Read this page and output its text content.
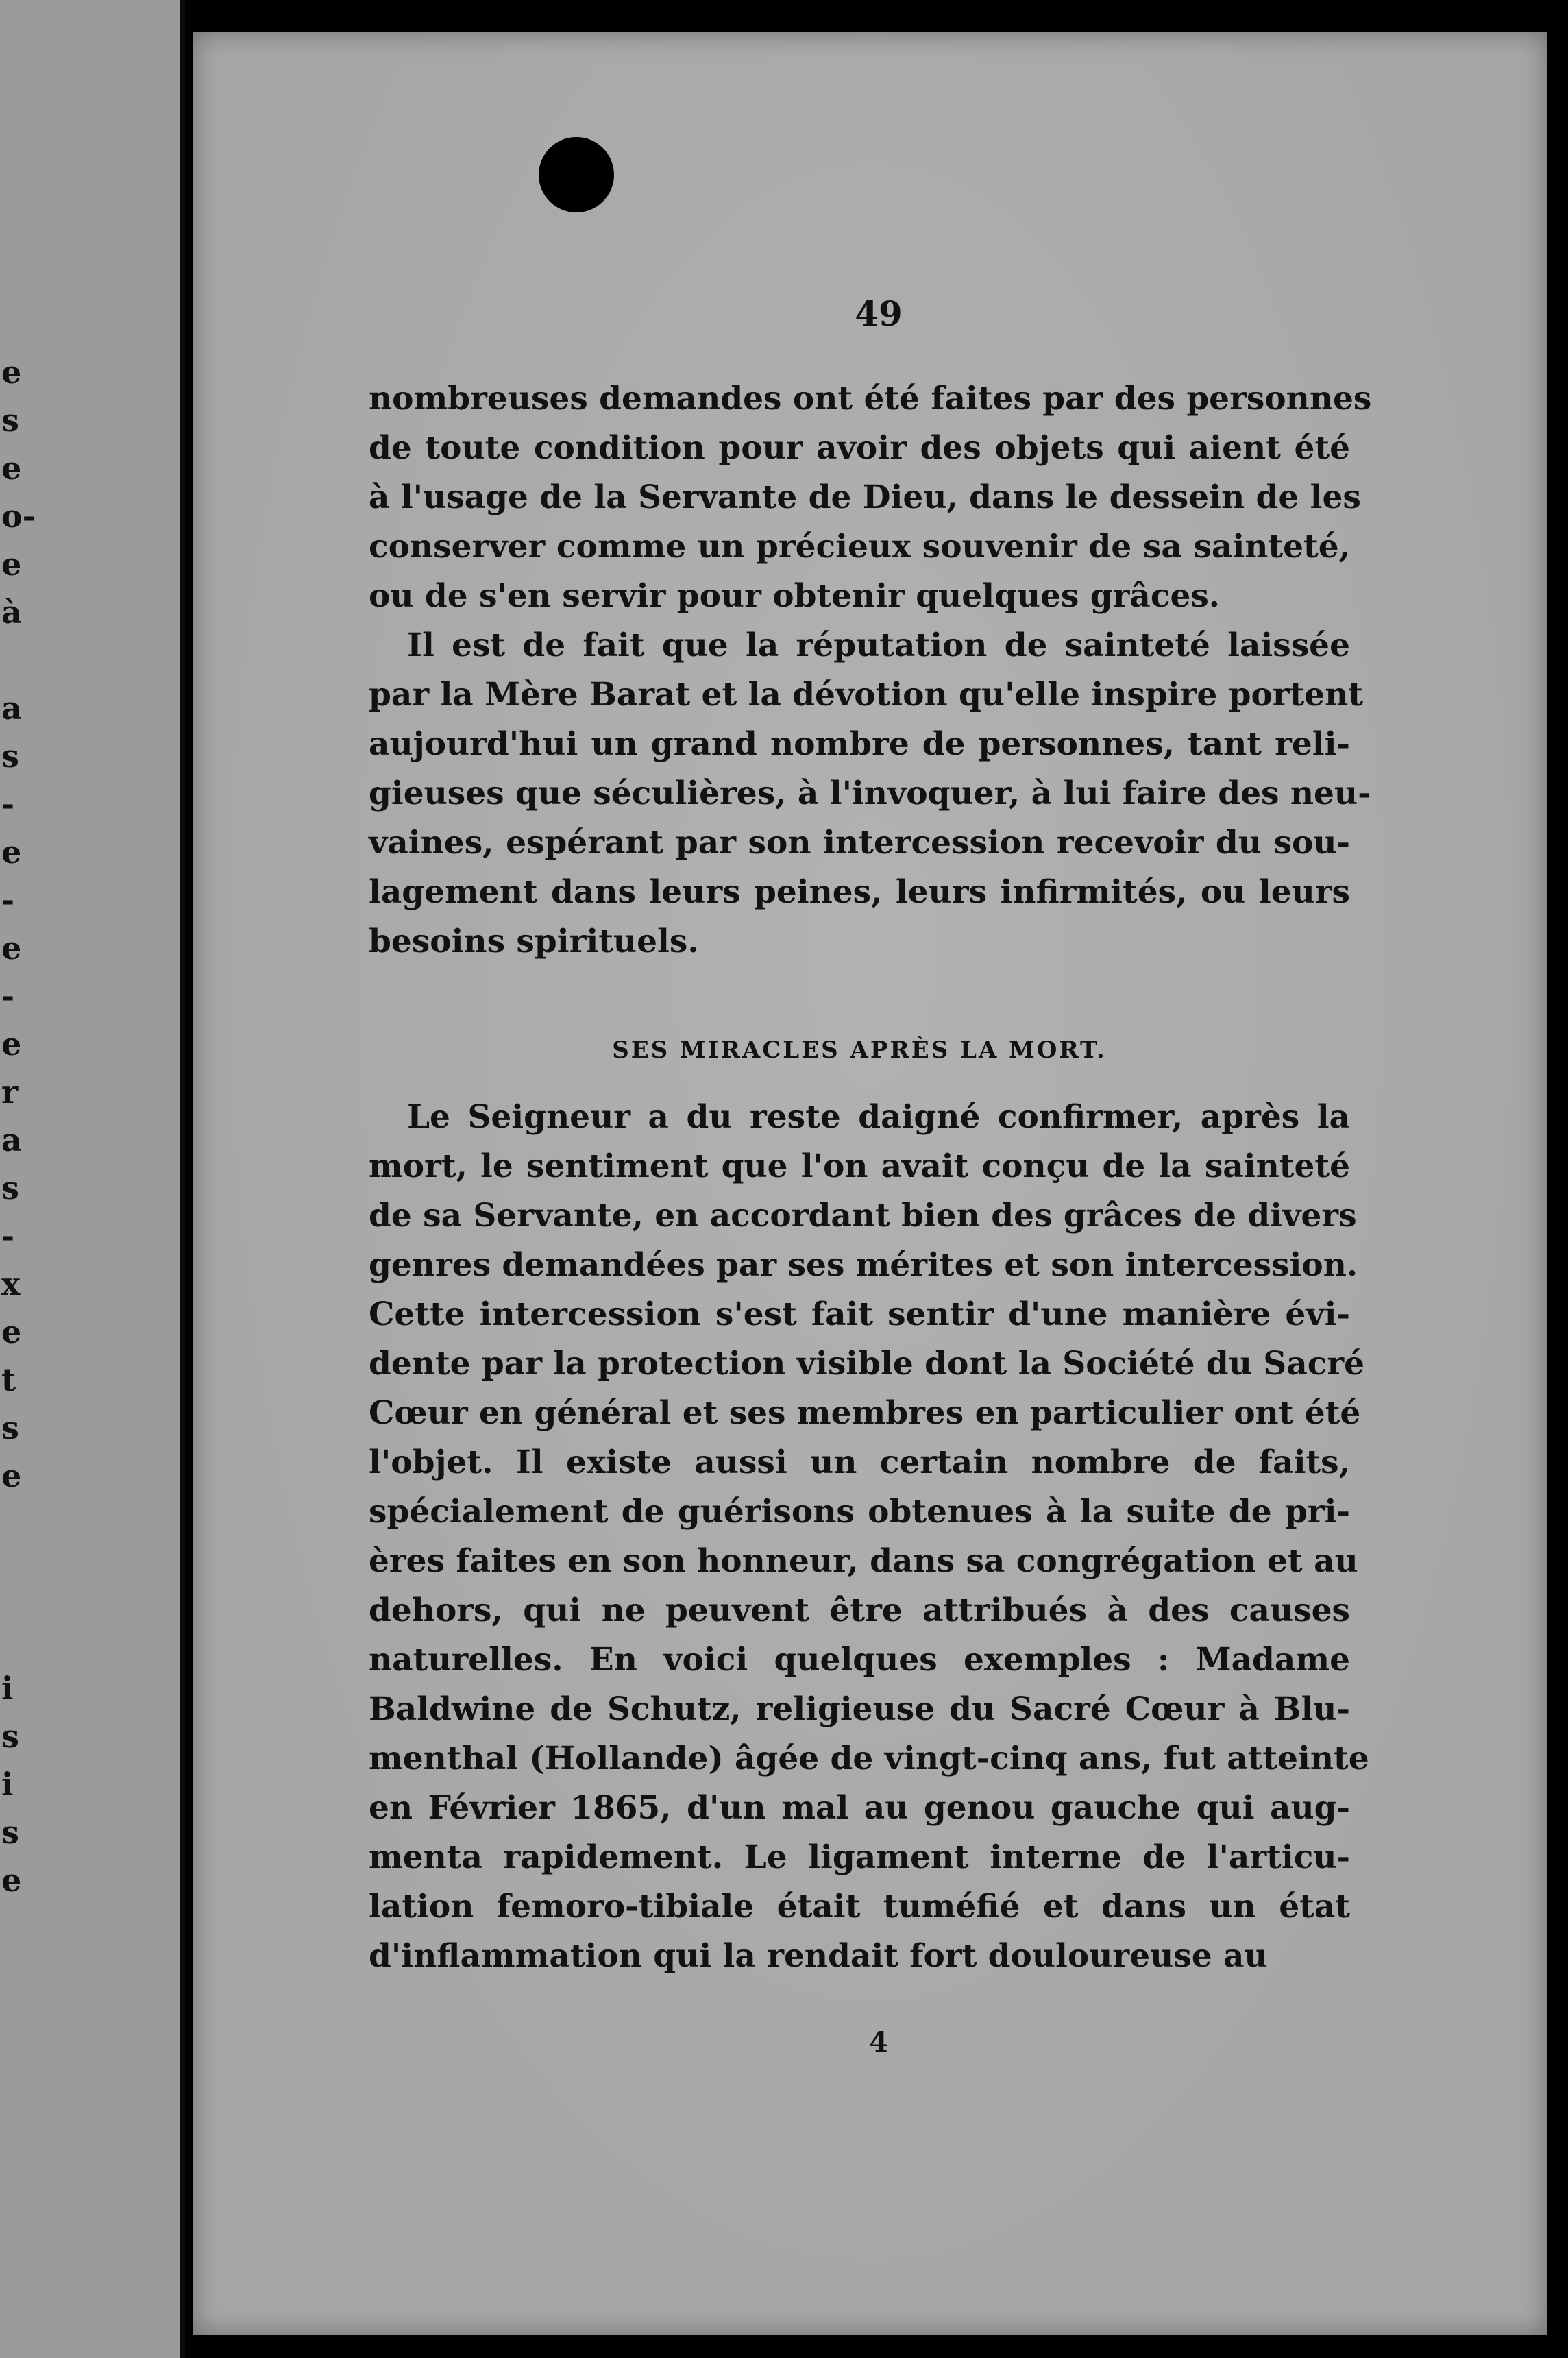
e
s
e
o-
e
à
a
s
-
e
-
e
-
e
r
a
s
-
x
e
t
s
e
i
s
i
s
e
49
nombreuses demandes ont été faites par des personnes
de toute condition pour avoir des objets qui aient été
à l'usage de la Servante de Dieu, dans le dessein de les
conserver comme un précieux souvenir de sa sainteté,
ou de s'en servir pour obtenir quelques grâces.
Il est de fait que la réputation de sainteté laissée
par la Mère Barat et la dévotion qu'elle inspire portent
aujourd'hui un grand nombre de personnes, tant reli-
gieuses que séculières, à l'invoquer, à lui faire des neu-
vaines, espérant par son intercession recevoir du sou-
lagement dans leurs peines, leurs infirmités, ou leurs
besoins spirituels.
SES MIRACLES APRÈS LA MORT.
Le Seigneur a du reste daigné confirmer, après la
mort, le sentiment que l'on avait conçu de la sainteté
de sa Servante, en accordant bien des grâces de divers
genres demandées par ses mérites et son intercession.
Cette intercession s'est fait sentir d'une manière évi-
dente par la protection visible dont la Société du Sacré
Cœur en général et ses membres en particulier ont été
l'objet. Il existe aussi un certain nombre de faits,
spécialement de guérisons obtenues à la suite de pri-
ères faites en son honneur, dans sa congrégation et au
dehors, qui ne peuvent être attribués à des causes
naturelles. En voici quelques exemples : Madame
Baldwine de Schutz, religieuse du Sacré Cœur à Blu-
menthal (Hollande) âgée de vingt-cinq ans, fut atteinte
en Février 1865, d'un mal au genou gauche qui aug-
menta rapidement. Le ligament interne de l'articu-
lation femoro-tibiale était tuméfié et dans un état
d'inflammation qui la rendait fort douloureuse au
4
